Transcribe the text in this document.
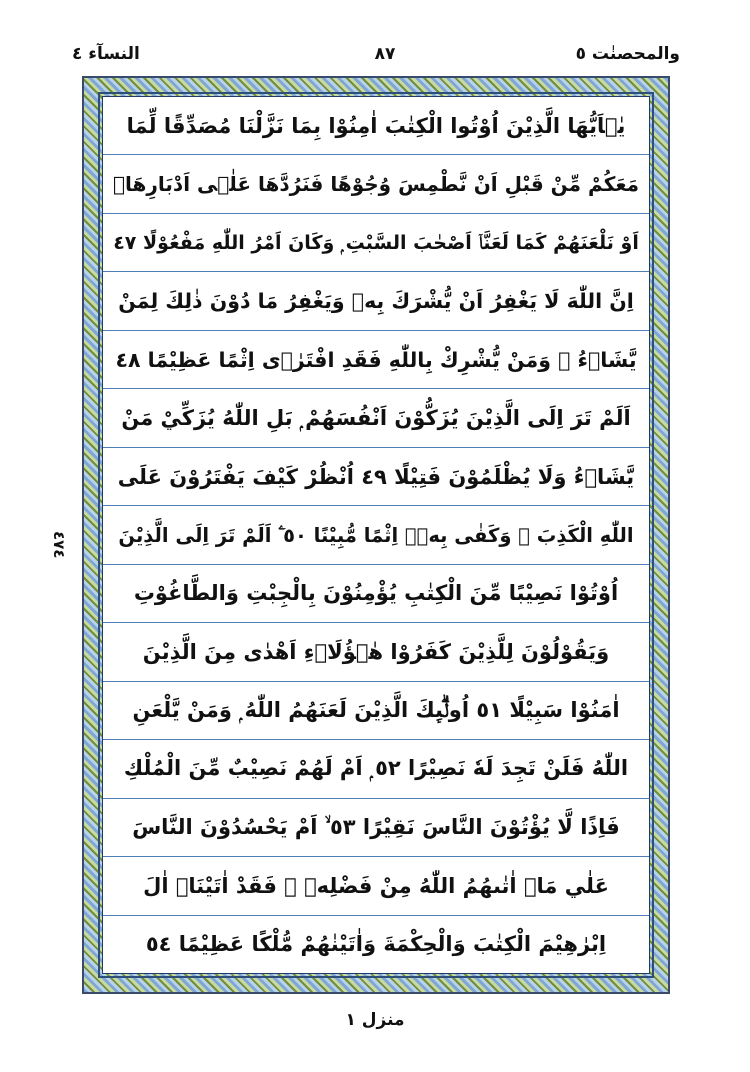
النسآء ٤	٨٧	والمحصنٰت ٥
٤٧٤
يٰۤاَيُّهَا الَّذِيْنَ اُوْتُوا الْكِتٰبَ اٰمِنُوْا بِمَا نَزَّلْنَا مُصَدِّقًا لِّمَا
مَعَكُمْ مِّنْ قَبْلِ اَنْ نَّطْمِسَ وُجُوْهًا فَنَرُدَّهَا عَلٰۤى اَدْبَارِهَاۤ
اَوْ نَلْعَنَهُمْ كَمَا لَعَنَّاۤ اَصْحٰبَ السَّبْتِ ۭ وَكَانَ اَمْرُ اللّٰهِ مَفْعُوْلًا ٤٧
اِنَّ اللّٰهَ لَا يَغْفِرُ اَنْ يُّشْرَكَ بِهٖ وَيَغْفِرُ مَا دُوْنَ ذٰلِكَ لِمَنْ
يَّشَاۤءُ ۚ وَمَنْ يُّشْرِكْ بِاللّٰهِ فَقَدِ افْتَرٰۤى اِثْمًا عَظِيْمًا ٤٨
اَلَمْ تَرَ اِلَى الَّذِيْنَ يُزَكُّوْنَ اَنْفُسَهُمْ ۭ بَلِ اللّٰهُ يُزَكِّيْ مَنْ
يَّشَاۤءُ وَلَا يُظْلَمُوْنَ فَتِيْلًا ٤٩ اُنْظُرْ كَيْفَ يَفْتَرُوْنَ عَلَى
اللّٰهِ الْكَذِبَ ۭ وَكَفٰى بِهٖۤ اِثْمًا مُّبِيْنًا ٥٠ ۧ اَلَمْ تَرَ اِلَى الَّذِيْنَ
اُوْتُوْا نَصِيْبًا مِّنَ الْكِتٰبِ يُؤْمِنُوْنَ بِالْجِبْتِ وَالطَّاغُوْتِ
وَيَقُوْلُوْنَ لِلَّذِيْنَ كَفَرُوْا هٰۤؤُلَاۤءِ اَهْدٰى مِنَ الَّذِيْنَ
اٰمَنُوْا سَبِيْلًا ٥١ اُولٰۗىِٕكَ الَّذِيْنَ لَعَنَهُمُ اللّٰهُ ۭ وَمَنْ يَّلْعَنِ
اللّٰهُ فَلَنْ تَجِدَ لَهٗ نَصِيْرًا ٥٢ ۭ اَمْ لَهُمْ نَصِيْبٌ مِّنَ الْمُلْكِ
فَاِذًا لَّا يُؤْتُوْنَ النَّاسَ نَقِيْرًا ٥٣ ۙ اَمْ يَحْسُدُوْنَ النَّاسَ
عَلٰي مَاۤ اٰتٰىهُمُ اللّٰهُ مِنْ فَضْلِهٖ ۚ فَقَدْ اٰتَيْنَاۤ اٰلَ
اِبْرٰهِيْمَ الْكِتٰبَ وَالْحِكْمَةَ وَاٰتَيْنٰهُمْ مُّلْكًا عَظِيْمًا ٥٤
منزل ١
